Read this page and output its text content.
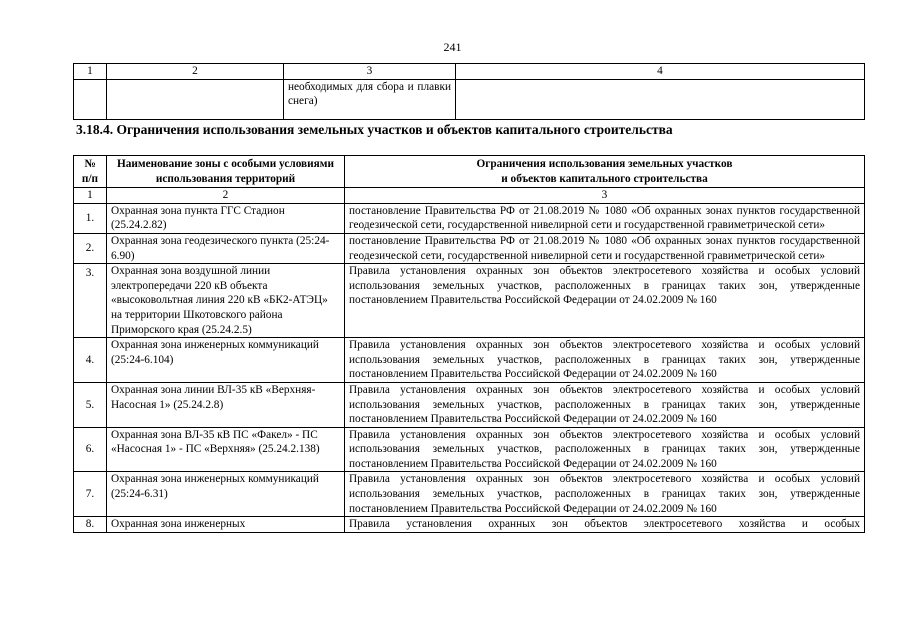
241
1	2	3	4
		необходимых для сбора и плавки снега)	
3.18.4. Ограничения использования земельных участков и объектов капитального строительства
№ п/п	Наименование зоны с особыми условиями использования территорий	Ограничения использования земельных участков
и объектов капитального строительства

1	2	3
1.	Охранная зона пункта ГГС Стадион (25.24.2.82)	постановление Правительства РФ от 21.08.2019 № 1080 «Об охранных зонах пунктов государственной геодезической сети, государственной нивелирной сети и государственной гравиметрической сети»
2.	Охранная зона геодезического пункта (25:24-6.90)	постановление Правительства РФ от 21.08.2019 № 1080 «Об охранных зонах пунктов государственной геодезической сети, государственной нивелирной сети и государственной гравиметрической сети»
3.	Охранная зона воздушной линии электропередачи 220 кВ объекта «высоковольтная линия 220 кВ «БК2-АТЭЦ» на территории Шкотовского района Приморского края (25.24.2.5)	Правила установления охранных зон объектов электросетевого хозяйства и особых условий использования земельных участков, расположенных в границах таких зон, утвержденные постановлением Правительства Российской Федерации от 24.02.2009 № 160
4.	Охранная зона инженерных коммуникаций (25:24-6.104)	Правила установления охранных зон объектов электросетевого хозяйства и особых условий использования земельных участков, расположенных в границах таких зон, утвержденные постановлением Правительства Российской Федерации от 24.02.2009 № 160
5.	Охранная зона линии ВЛ-35 кВ «Верхняя-Насосная 1» (25.24.2.8)	Правила установления охранных зон объектов электросетевого хозяйства и особых условий использования земельных участков, расположенных в границах таких зон, утвержденные постановлением Правительства Российской Федерации от 24.02.2009 № 160
6.	Охранная зона ВЛ-35 кВ ПС «Факел» - ПС «Насосная 1» - ПС «Верхняя» (25.24.2.138)	Правила установления охранных зон объектов электросетевого хозяйства и особых условий использования земельных участков, расположенных в границах таких зон, утвержденные постановлением Правительства Российской Федерации от 24.02.2009 № 160
7.	Охранная зона инженерных коммуникаций (25:24-6.31)	Правила установления охранных зон объектов электросетевого хозяйства и особых условий использования земельных участков, расположенных в границах таких зон, утвержденные постановлением Правительства Российской Федерации от 24.02.2009 № 160
8.	Охранная зона инженерных	Правила установления охранных зон объектов электросетевого хозяйства и особых
